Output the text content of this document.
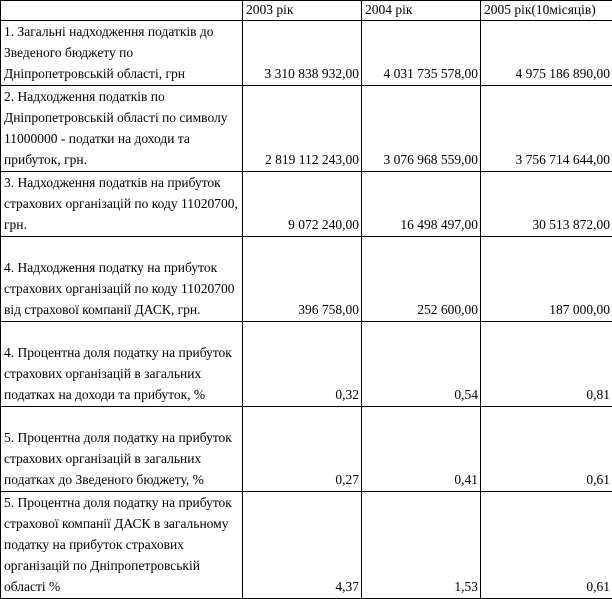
	2003 рік	2004 рік	2005 рік(10місяців)
1. Загальні надходження податків до Зведеного бюджету по Дніпропетровській області, грн	3 310 838 932,00	4 031 735 578,00	4 975 186 890,00
2. Надходження податків по Дніпропетровській області по символу 11000000 - податки на доходи та прибуток, грн.	2 819 112 243,00	3 076 968 559,00	3 756 714 644,00
3. Надходження податків на прибуток страхових організацій по коду 11020700, грн.	9 072 240,00	16 498 497,00	30 513 872,00
4. Надходження податку на прибуток страхових організацій по коду 11020700 від страхової компанії ДАСК, грн.	396 758,00	252 600,00	187 000,00
4. Процентна доля податку на прибуток страхових організацій в загальних податках на доходи та прибуток, %	0,32	0,54	0,81
5. Процентна доля податку на прибуток страхових організацій в загальних податках до Зведеного бюджету, %	0,27	0,41	0,61
5. Процентна доля податку на прибуток страхової компанії ДАСК в загальному податку на прибуток страхових організацій по Дніпропетровській області %	4,37	1,53	0,61
